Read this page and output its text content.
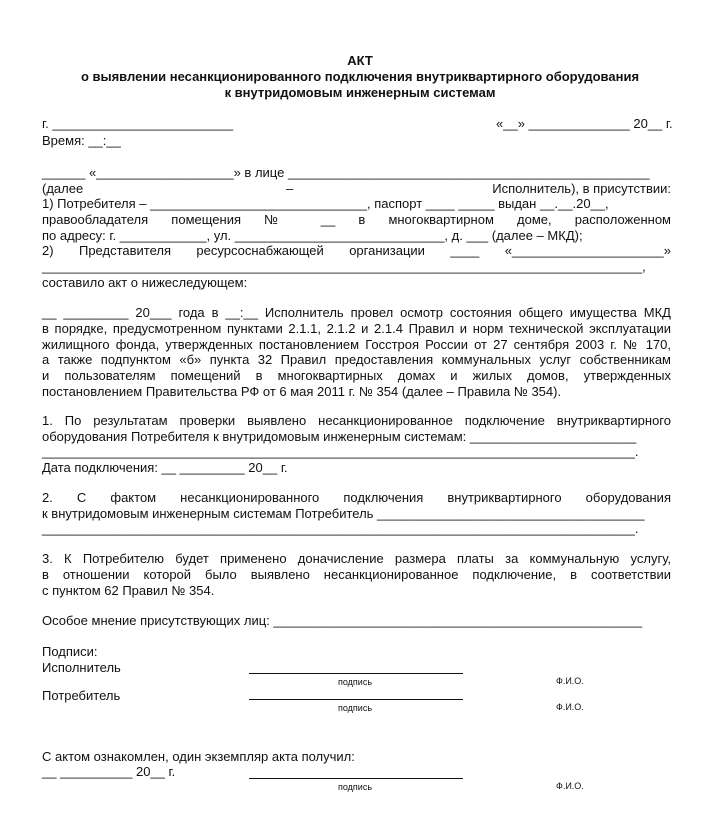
АКТ
о выявлении несанкционированного подключения внутриквартирного оборудования
к внутридомовым инженерным системам
г. _________________________	«__» ______________ 20__ г.
Время: __:__
______ «___________________» в лице __________________________________________________
(далее	–	Исполнитель), в присутствии:
1) Потребителя – ______________________________, паспорт ____ _____ выдан __.__.20__,
правообладателя помещения № __ в многоквартирном доме, расположенном
по адресу: г. ____________, ул. _____________________________, д. ___ (далее – МКД);
2) Представителя ресурсоснабжающей организации ____ «_____________________»
___________________________________________________________________________________,
составило акт о нижеследующем:
__ _________ 20___ года в __:__ Исполнитель провел осмотр состояния общего имущества МКД
в порядке, предусмотренном пунктами 2.1.1, 2.1.2 и 2.1.4 Правил и норм технической эксплуатации
жилищного фонда, утвержденных постановлением Госстроя России от 27 сентября 2003 г. № 170,
а также подпунктом «б» пункта 32 Правил предоставления коммунальных услуг собственникам
и пользователям помещений в многоквартирных домах и жилых домов, утвержденных
постановлением Правительства РФ от 6 мая 2011 г. № 354 (далее – Правила № 354).
1. По результатам проверки выявлено несанкционированное подключение внутриквартирного
оборудования Потребителя к внутридомовым инженерным системам: _______________________
__________________________________________________________________________________.
Дата подключения: __ _________ 20__ г.
2. С фактом несанкционированного подключения внутриквартирного оборудования
к внутридомовым инженерным системам Потребитель _____________________________________
__________________________________________________________________________________.
3. К Потребителю будет применено доначисление размера платы за коммунальную услугу,
в отношении которой было выявлено несанкционированное подключение, в соответствии
с пунктом 62 Правил № 354.
Особое мнение присутствующих лиц: ___________________________________________________
Подписи:
Исполнитель
подпись	Ф.И.О.
Потребитель
подпись	Ф.И.О.
С актом ознакомлен, один экземпляр акта получил:
__ __________ 20__ г.
подпись	Ф.И.О.
